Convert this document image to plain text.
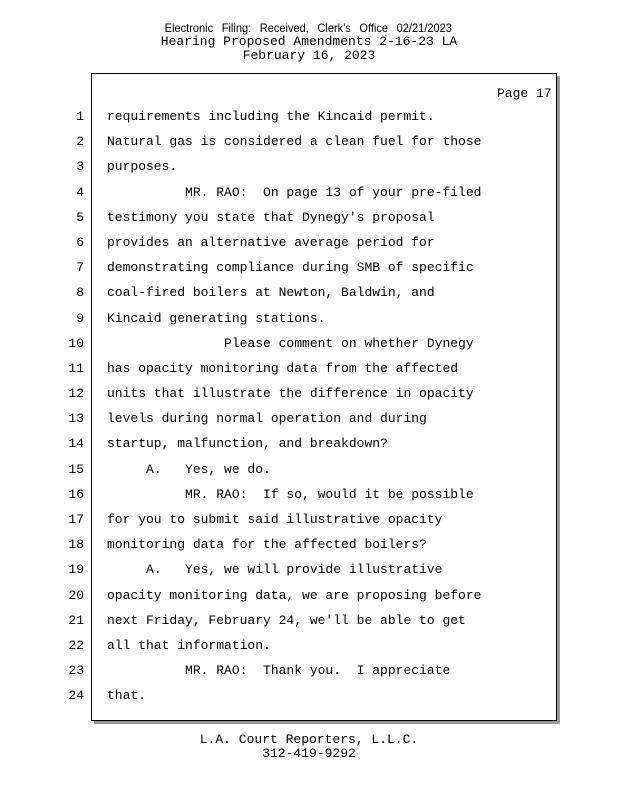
Electronic Filing: Received, Clerk's Office 02/21/2023
Hearing Proposed Amendments 2-16-23 LA
February 16, 2023
Page 17
1 requirements including the Kincaid permit.
2 Natural gas is considered a clean fuel for those
3 purposes.
4 MR. RAO:  On page 13 of your pre-filed
5 testimony you state that Dynegy's proposal
6 provides an alternative average period for
7 demonstrating compliance during SMB of specific
8 coal-fired boilers at Newton, Baldwin, and
9 Kincaid generating stations.
10 Please comment on whether Dynegy
11 has opacity monitoring data from the affected
12 units that illustrate the difference in opacity
13 levels during normal operation and during
14 startup, malfunction, and breakdown?
15 A.   Yes, we do.
16 MR. RAO:  If so, would it be possible
17 for you to submit said illustrative opacity
18 monitoring data for the affected boilers?
19 A.   Yes, we will provide illustrative
20 opacity monitoring data, we are proposing before
21 next Friday, February 24, we'll be able to get
22 all that information.
23 MR. RAO:  Thank you.  I appreciate
24 that.
L.A. Court Reporters, L.L.C.
312-419-9292
